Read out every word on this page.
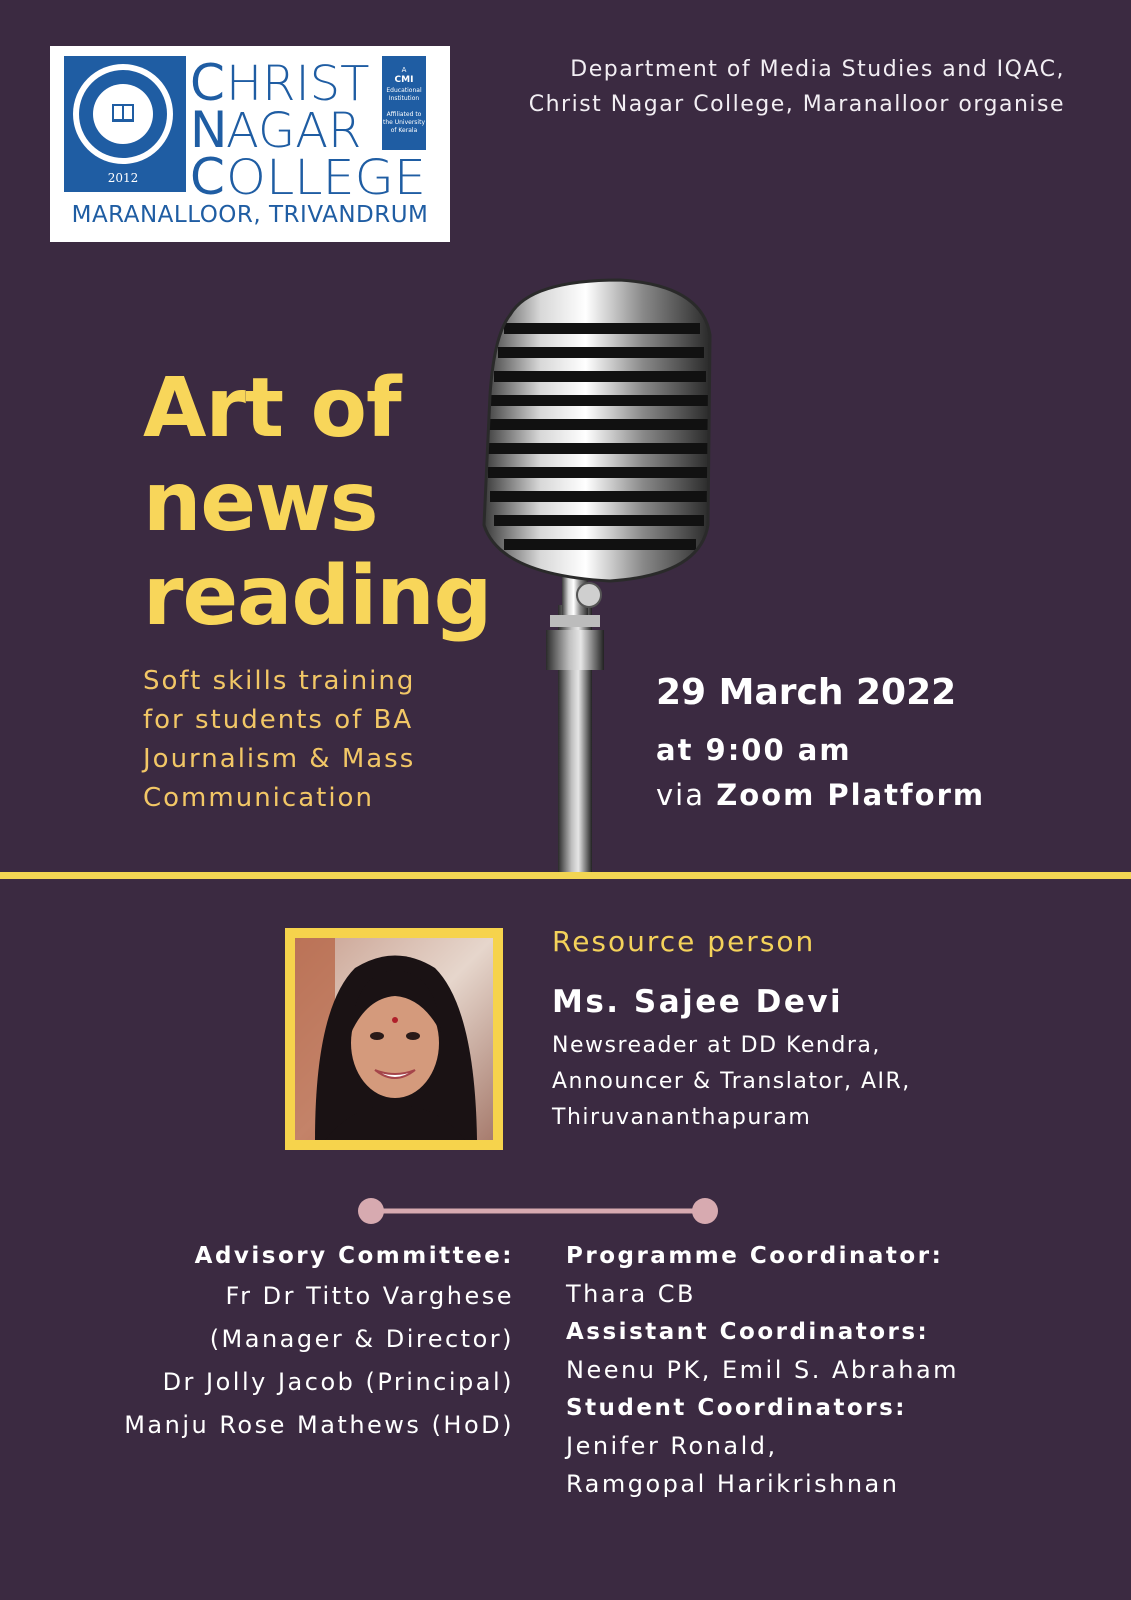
2012
C
N
C
HRIST
AGAR
OLLEGE
A
CMI
Educational
Institution
Affiliated to
the University
of Kerala
MARANALLOOR, TRIVANDRUM
Department of Media Studies and IQAC,
Christ Nagar College, Maranalloor organise
Art of
news
reading
Soft skills training
for students of BA
Journalism & Mass
Communication
29 March 2022
at 9:00 am
via Zoom Platform
Resource person
Ms. Sajee Devi
Newsreader at DD Kendra,
Announcer & Translator, AIR,
Thiruvananthapuram
Advisory Committee:
Fr Dr Titto Varghese
(Manager & Director)
Dr Jolly Jacob (Principal)
Manju Rose Mathews (HoD)
Programme Coordinator:
Thara CB
Assistant Coordinators:
Neenu PK, Emil S. Abraham
Student Coordinators:
Jenifer Ronald,
Ramgopal Harikrishnan
